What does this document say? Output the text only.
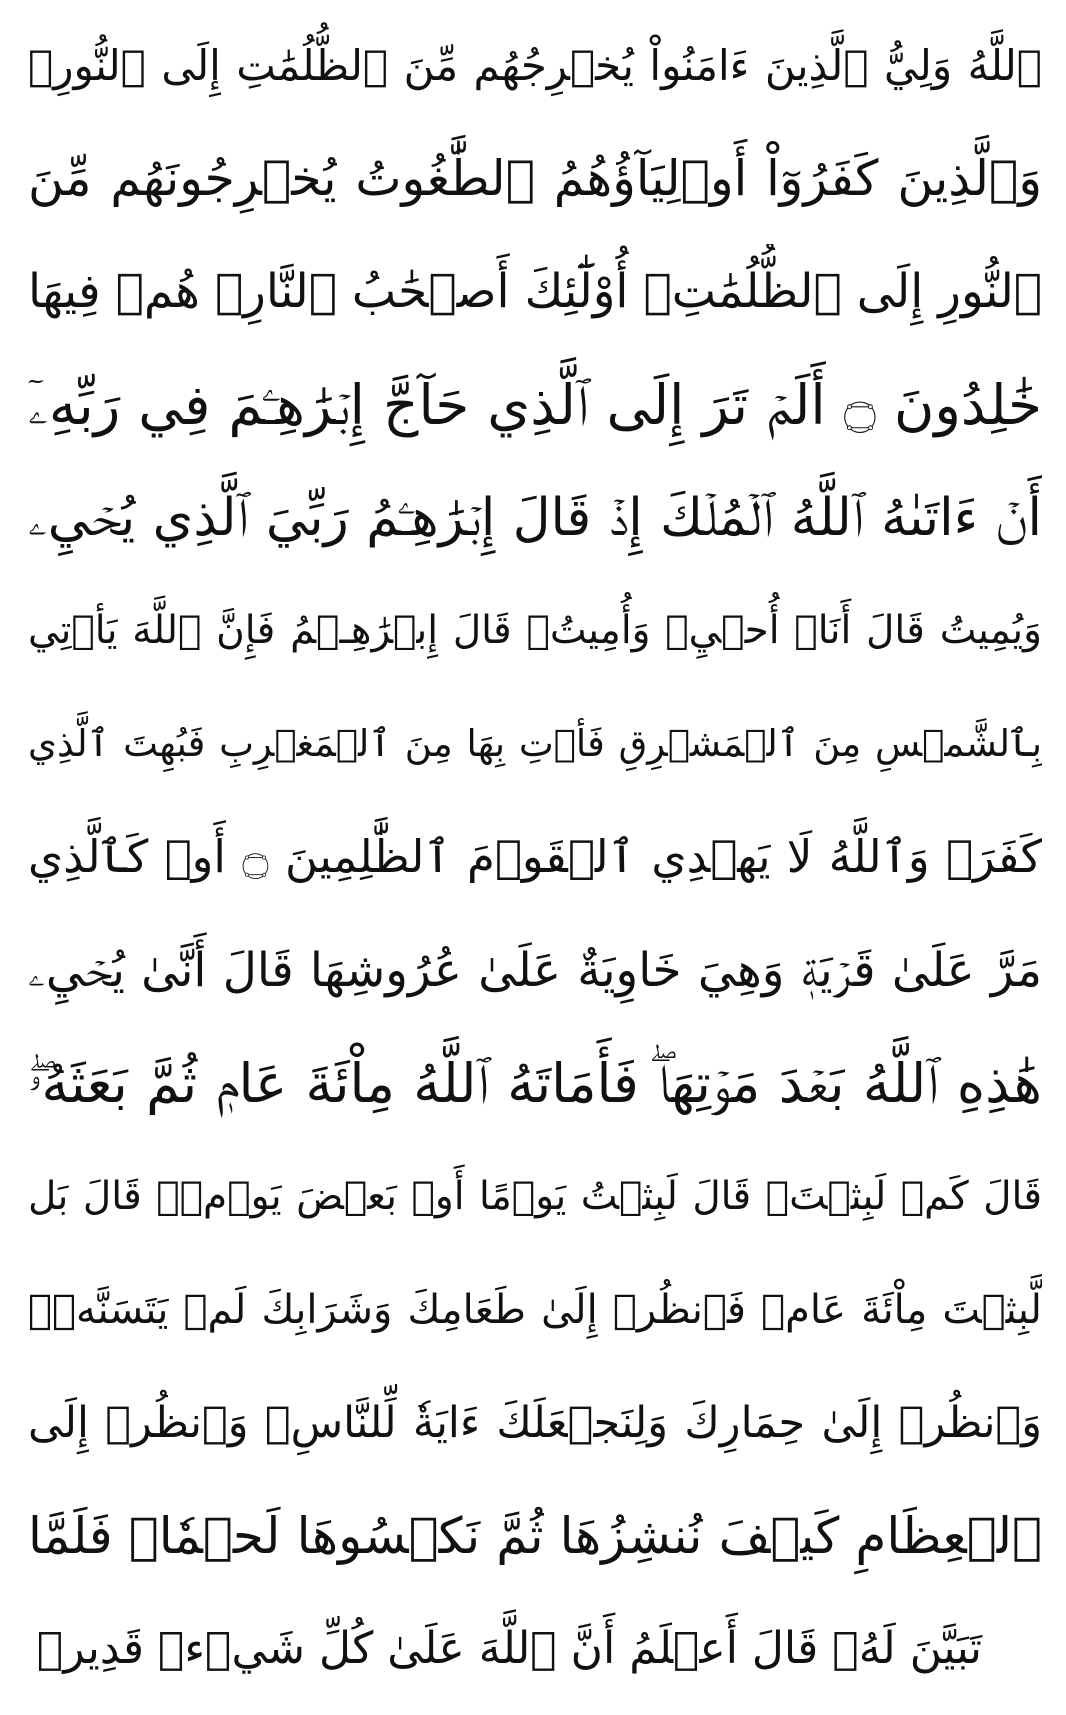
ٱللَّهُ وَلِيُّ ٱلَّذِينَ ءَامَنُواْ يُخۡرِجُهُم مِّنَ ٱلظُّلُمَٰتِ إِلَى ٱلنُّورِۖ
وَٱلَّذِينَ كَفَرُوٓاْ أَوۡلِيَآؤُهُمُ ٱلطَّٰغُوتُ يُخۡرِجُونَهُم مِّنَ
ٱلنُّورِ إِلَى ٱلظُّلُمَٰتِۗ أُوْلَٰٓئِكَ أَصۡحَٰبُ ٱلنَّارِۖ هُمۡ فِيهَا
خَٰلِدُونَ ۝ أَلَمۡ تَرَ إِلَى ٱلَّذِي حَآجَّ إِبۡرَٰهِـۧمَ فِي رَبِّهِۦٓ
أَنۡ ءَاتَىٰهُ ٱللَّهُ ٱلۡمُلۡكَ إِذۡ قَالَ إِبۡرَٰهِـۧمُ رَبِّيَ ٱلَّذِي يُحۡيِۦ
وَيُمِيتُ قَالَ أَنَا۠ أُحۡيِۦ وَأُمِيتُۖ قَالَ إِبۡرَٰهِـۧمُ فَإِنَّ ٱللَّهَ يَأۡتِي
بِٱلشَّمۡسِ مِنَ ٱلۡمَشۡرِقِ فَأۡتِ بِهَا مِنَ ٱلۡمَغۡرِبِ فَبُهِتَ ٱلَّذِي
كَفَرَۗ وَٱللَّهُ لَا يَهۡدِي ٱلۡقَوۡمَ ٱلظَّٰلِمِينَ ۝ أَوۡ كَٱلَّذِي
مَرَّ عَلَىٰ قَرۡيَةٖ وَهِيَ خَاوِيَةٌ عَلَىٰ عُرُوشِهَا قَالَ أَنَّىٰ يُحۡيِۦ
هَٰذِهِ ٱللَّهُ بَعۡدَ مَوۡتِهَاۖ فَأَمَاتَهُ ٱللَّهُ مِاْئَةَ عَامٖ ثُمَّ بَعَثَهُۥۖ
قَالَ كَمۡ لَبِثۡتَۖ قَالَ لَبِثۡتُ يَوۡمًا أَوۡ بَعۡضَ يَوۡمٖۖ قَالَ بَل
لَّبِثۡتَ مِاْئَةَ عَامٖ فَٱنظُرۡ إِلَىٰ طَعَامِكَ وَشَرَابِكَ لَمۡ يَتَسَنَّهۡۖ
وَٱنظُرۡ إِلَىٰ حِمَارِكَ وَلِنَجۡعَلَكَ ءَايَةٗ لِّلنَّاسِۖ وَٱنظُرۡ إِلَى
ٱلۡعِظَامِ كَيۡفَ نُنشِزُهَا ثُمَّ نَكۡسُوهَا لَحۡمٗاۚ فَلَمَّا
تَبَيَّنَ لَهُۥ قَالَ أَعۡلَمُ أَنَّ ٱللَّهَ عَلَىٰ كُلِّ شَيۡءٖ قَدِيرٞ
